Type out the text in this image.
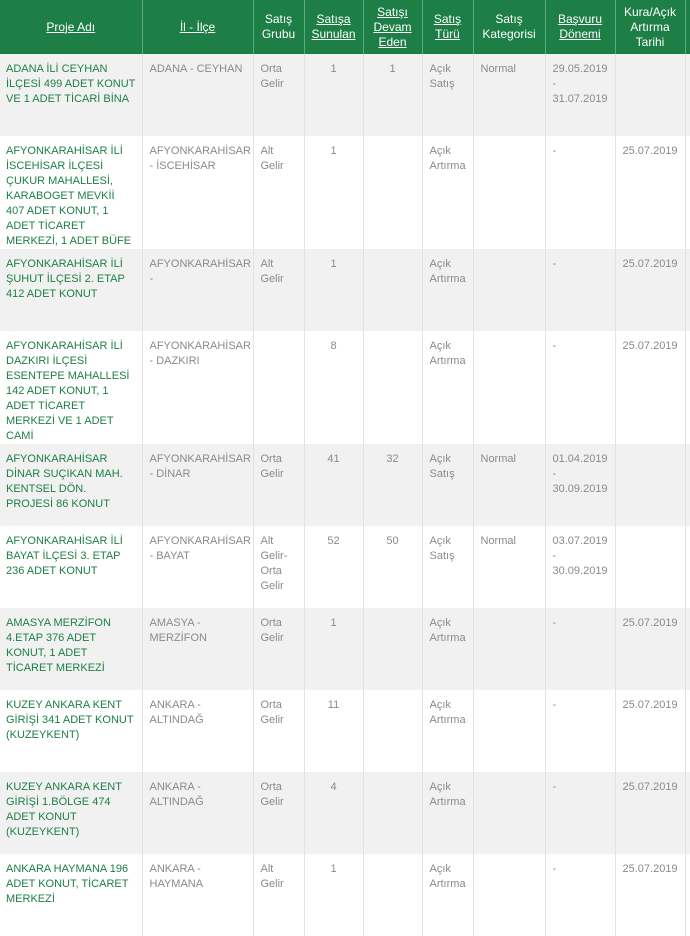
Proje Adı	İl - İlçe	Satış Grubu	Satışa Sunulan	Satışı Devam Eden	Satış Türü	Satış Kategorisi	Başvuru Dönemi	Kura/Açık Artırma Tarihi	
ADANA İLİ CEYHAN İLÇESİ 499 ADET KONUT VE 1 ADET TİCARİ BİNA	ADANA - CEYHAN	Orta Gelir	1	1	Açık Satış	Normal	29.05.2019 - 31.07.2019		
AFYONKARAHİSAR İLİ İSCEHİSAR İLÇESİ ÇUKUR MAHALLESİ, KARABOGET MEVKİİ 407 ADET KONUT, 1 ADET TİCARET MERKEZİ, 1 ADET BÜFE	AFYONKARAHİSAR - İSCEHİSAR	Alt Gelir	1		Açık Artırma		-	25.07.2019	
AFYONKARAHİSAR İLİ ŞUHUT İLÇESİ 2. ETAP 412 ADET KONUT	AFYONKARAHİSAR -	Alt Gelir	1		Açık Artırma		-	25.07.2019	
AFYONKARAHİSAR İLİ DAZKIRI İLÇESİ ESENTEPE MAHALLESİ 142 ADET KONUT, 1 ADET TİCARET MERKEZİ VE 1 ADET CAMİ	AFYONKARAHİSAR - DAZKIRI		8		Açık Artırma		-	25.07.2019	
AFYONKARAHİSAR DİNAR SUÇIKAN MAH. KENTSEL DÖN. PROJESİ 86 KONUT	AFYONKARAHİSAR - DİNAR	Orta Gelir	41	32	Açık Satış	Normal	01.04.2019 - 30.09.2019		
AFYONKARAHİSAR İLİ BAYAT İLÇESİ 3. ETAP 236 ADET KONUT	AFYONKARAHİSAR - BAYAT	Alt Gelir-Orta Gelir	52	50	Açık Satış	Normal	03.07.2019 - 30.09.2019		
AMASYA MERZİFON 4.ETAP 376 ADET KONUT, 1 ADET TİCARET MERKEZİ	AMASYA - MERZİFON	Orta Gelir	1		Açık Artırma		-	25.07.2019	
KUZEY ANKARA KENT GİRİŞİ 341 ADET KONUT (KUZEYKENT)	ANKARA - ALTINDAĞ	Orta Gelir	11		Açık Artırma		-	25.07.2019	
KUZEY ANKARA KENT GİRİŞİ 1.BÖLGE 474 ADET KONUT (KUZEYKENT)	ANKARA - ALTINDAĞ	Orta Gelir	4		Açık Artırma		-	25.07.2019	
ANKARA HAYMANA 196 ADET KONUT, TİCARET MERKEZİ	ANKARA - HAYMANA	Alt Gelir	1		Açık Artırma		-	25.07.2019	
